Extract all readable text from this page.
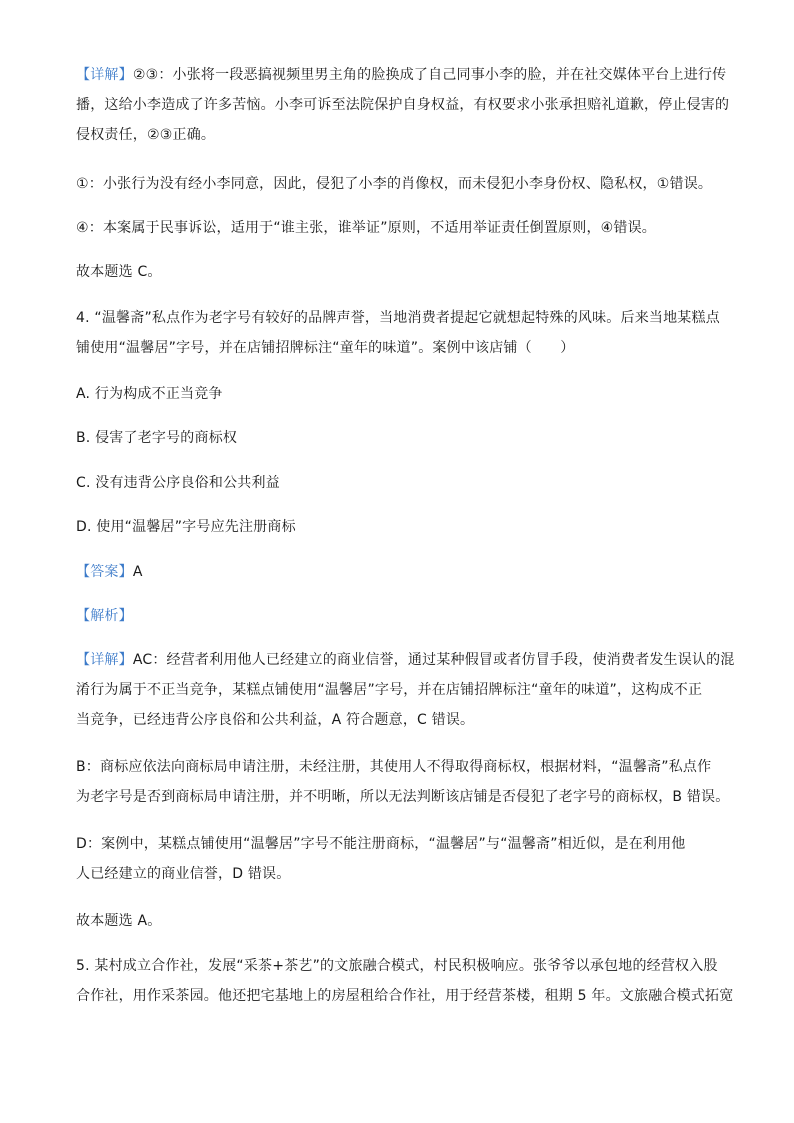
【详解】②③：小张将一段恶搞视频里男主角的脸换成了自己同事小李的脸，并在社交媒体平台上进行传
播，这给小李造成了许多苦恼。小李可诉至法院保护自身权益，有权要求小张承担赔礼道歉，停止侵害的
侵权责任，②③正确。
①：小张行为没有经小李同意，因此，侵犯了小李的肖像权，而未侵犯小李身份权、隐私权，①错误。
④：本案属于民事诉讼，适用于“谁主张，谁举证”原则，不适用举证责任倒置原则，④错误。
故本题选 C。
4. “温馨斋”私点作为老字号有较好的品牌声誉，当地消费者提起它就想起特殊的风味。后来当地某糕点
铺使用“温馨居”字号，并在店铺招牌标注“童年的味道”。案例中该店铺（　　）
A. 行为构成不正当竞争
B. 侵害了老字号的商标权
C. 没有违背公序良俗和公共利益
D. 使用“温馨居”字号应先注册商标
【答案】A
【解析】
【详解】AC：经营者利用他人已经建立的商业信誉，通过某种假冒或者仿冒手段，使消费者发生误认的混
淆行为属于不正当竞争，某糕点铺使用“温馨居”字号，并在店铺招牌标注“童年的味道”，这构成不正
当竞争，已经违背公序良俗和公共利益，A 符合题意，C 错误。
B：商标应依法向商标局申请注册，未经注册，其使用人不得取得商标权，根据材料，“温馨斋”私点作
为老字号是否到商标局申请注册，并不明晰，所以无法判断该店铺是否侵犯了老字号的商标权，B 错误。
D：案例中，某糕点铺使用“温馨居”字号不能注册商标，“温馨居”与“温馨斋”相近似，是在利用他
人已经建立的商业信誉，D 错误。
故本题选 A。
5. 某村成立合作社，发展“采茶+茶艺”的文旅融合模式，村民积极响应。张爷爷以承包地的经营权入股
合作社，用作采茶园。他还把宅基地上的房屋租给合作社，用于经营茶楼，租期 5 年。文旅融合模式拓宽
